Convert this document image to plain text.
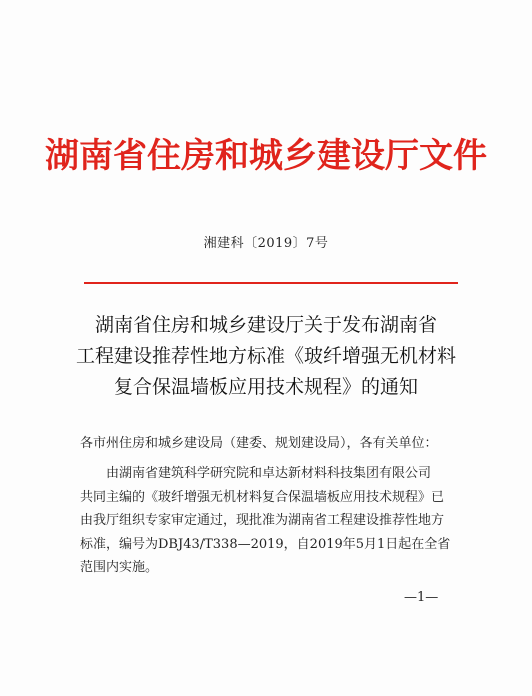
湖南省住房和城乡建设厅文件
湘建科〔2019〕7号
湖南省住房和城乡建设厅关于发布湖南省
工程建设推荐性地方标准《玻纤增强无机材料
复合保温墙板应用技术规程》的通知
各市州住房和城乡建设局（建委、规划建设局），各有关单位：
由湖南省建筑科学研究院和卓达新材料科技集团有限公司
共同主编的《玻纤增强无机材料复合保温墙板应用技术规程》已
由我厅组织专家审定通过，现批准为湖南省工程建设推荐性地方
标准，编号为DBJ43/T338—2019，自2019年5月1日起在全省
范围内实施。
—1—
